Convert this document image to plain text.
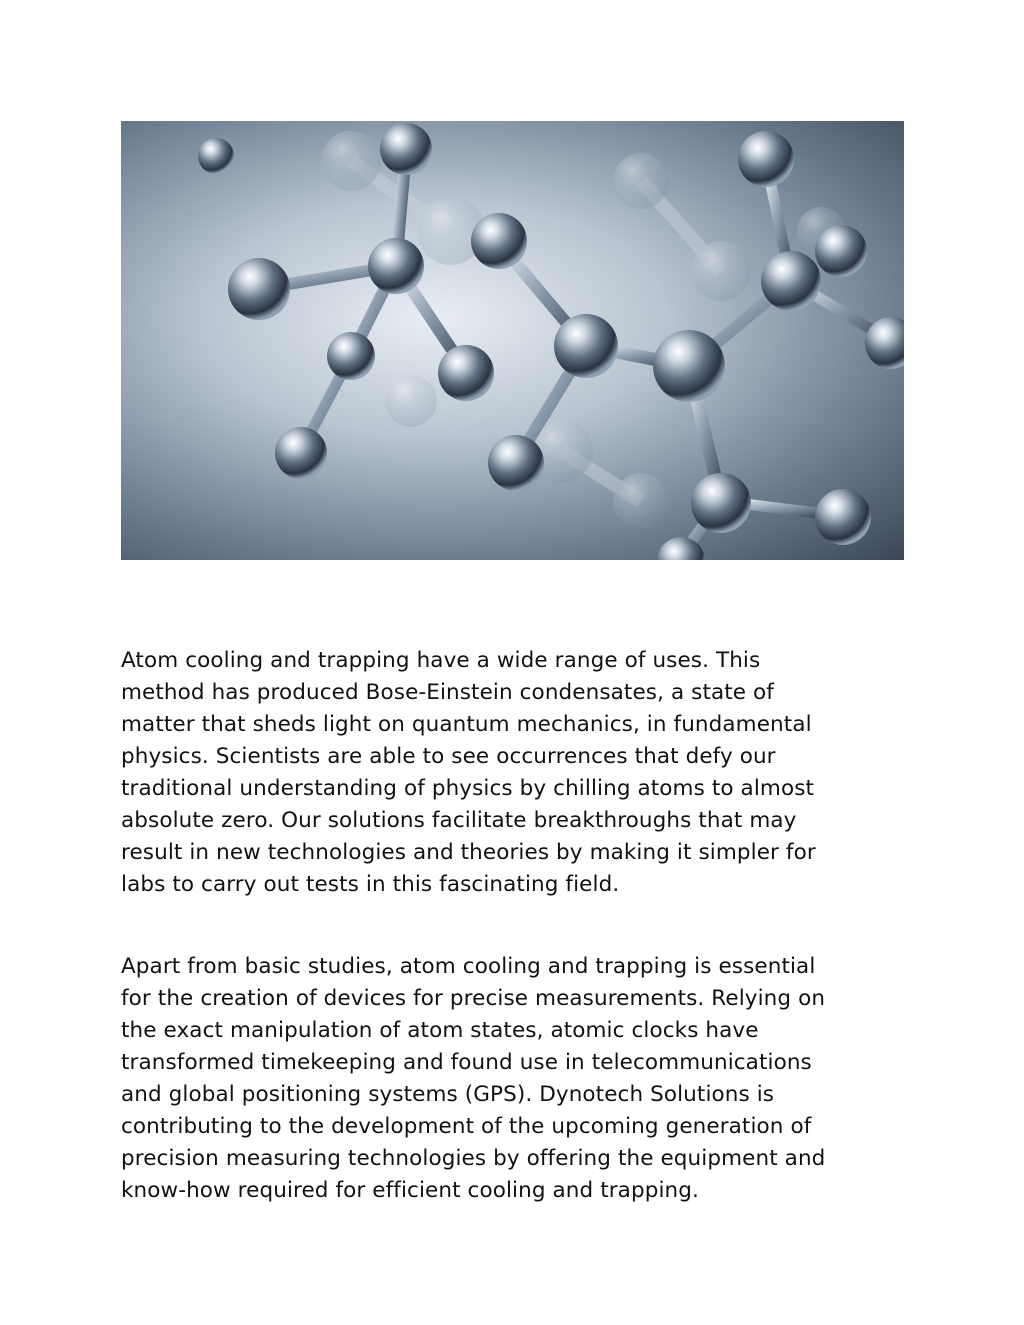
Atom cooling and trapping have a wide range of uses. This
method has produced Bose-Einstein condensates, a state of
matter that sheds light on quantum mechanics, in fundamental
physics. Scientists are able to see occurrences that defy our
traditional understanding of physics by chilling atoms to almost
absolute zero. Our solutions facilitate breakthroughs that may
result in new technologies and theories by making it simpler for
labs to carry out tests in this fascinating field.
Apart from basic studies, atom cooling and trapping is essential
for the creation of devices for precise measurements. Relying on
the exact manipulation of atom states, atomic clocks have
transformed timekeeping and found use in telecommunications
and global positioning systems (GPS). Dynotech Solutions is
contributing to the development of the upcoming generation of
precision measuring technologies by offering the equipment and
know-how required for efficient cooling and trapping.
